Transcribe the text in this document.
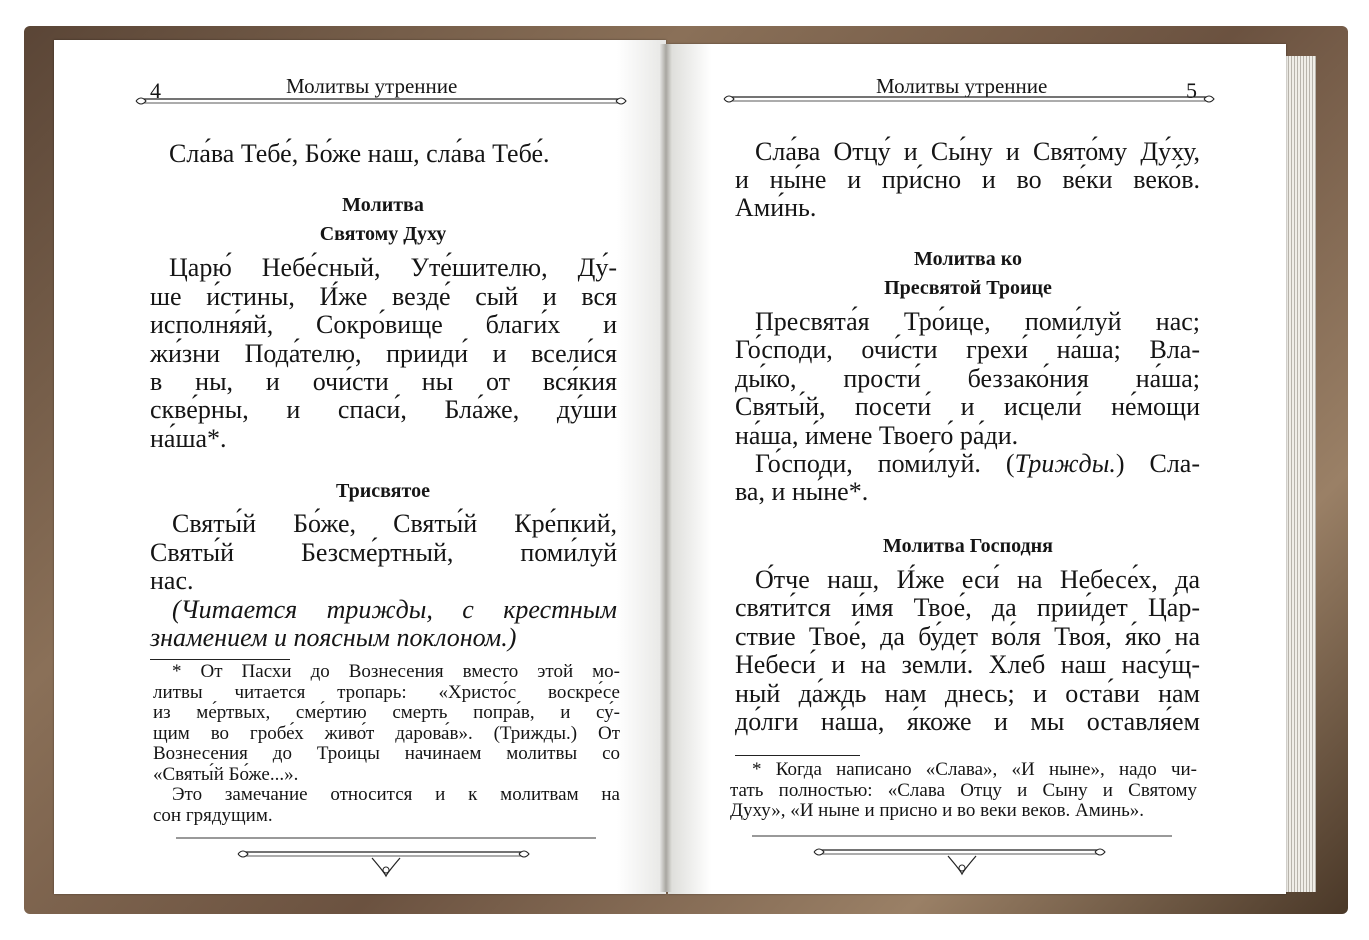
4	Молитвы утренние
Сла́ва Тебе́, Бо́же наш, сла́ва Тебе́.
Молитва
Святому Духу
Царю́ Небе́сный, Уте́шителю, Ду́-
ше и́стины, И́же везде́ сый и вся
исполня́яй, Сокро́вище благи́х и
жи́зни Пода́телю, прииди́ и всели́ся
в ны, и очи́сти ны от вся́кия
скве́рны, и спаси́, Бла́же, ду́ши
на́ша*.
Трисвятое
Святы́й Бо́же, Святы́й Кре́пкий,
Святы́й Безсме́ртный, поми́луй
нас.
(Читается трижды, с крестным
знамением и поясным поклоном.)
* От Пасхи до Вознесения вместо этой мо-
литвы читается тропарь: «Христо́с воскре́се
из ме́ртвых, сме́ртию смерть попра́в, и су́-
щим во гробе́х живо́т дарова́в». (Трижды.) От
Вознесения до Троицы начинаем молитвы со
«Святы́й Бо́же...».
Это замечание относится и к молитвам на
сон грядущим.
Молитвы утренние	5
Сла́ва Отцу́ и Сы́ну и Свято́му Ду́ху,
и ны́не и при́сно и во ве́ки веко́в.
Ами́нь.
Молитва ко
Пресвятой Троице
Пресвята́я Тро́ице, поми́луй нас;
Го́споди, очи́сти грехи́ на́ша; Вла-
ды́ко, прости́ беззако́ния на́ша;
Святы́й, посети́ и исцели́ не́мощи
на́ша, и́мене Твоего́ ра́ди.
Го́споди, поми́луй. (Трижды.) Сла-
ва, и ны́не*.
Молитва Господня
О́тче наш, И́же еси́ на Небесе́х, да
святи́тся и́мя Твое́, да прии́дет Ца́р-
ствие Твое́, да бу́дет во́ля Твоя́, я́ко на
Небеси́ и на земли́. Хлеб наш насу́щ-
ный да́ждь нам днесь; и оста́ви нам
до́лги на́ша, я́коже и мы оставля́ем
* Когда написано «Слава», «И ныне», надо чи-
тать полностью: «Слава Отцу и Сыну и Святому
Духу», «И ныне и присно и во веки веков. Аминь».
